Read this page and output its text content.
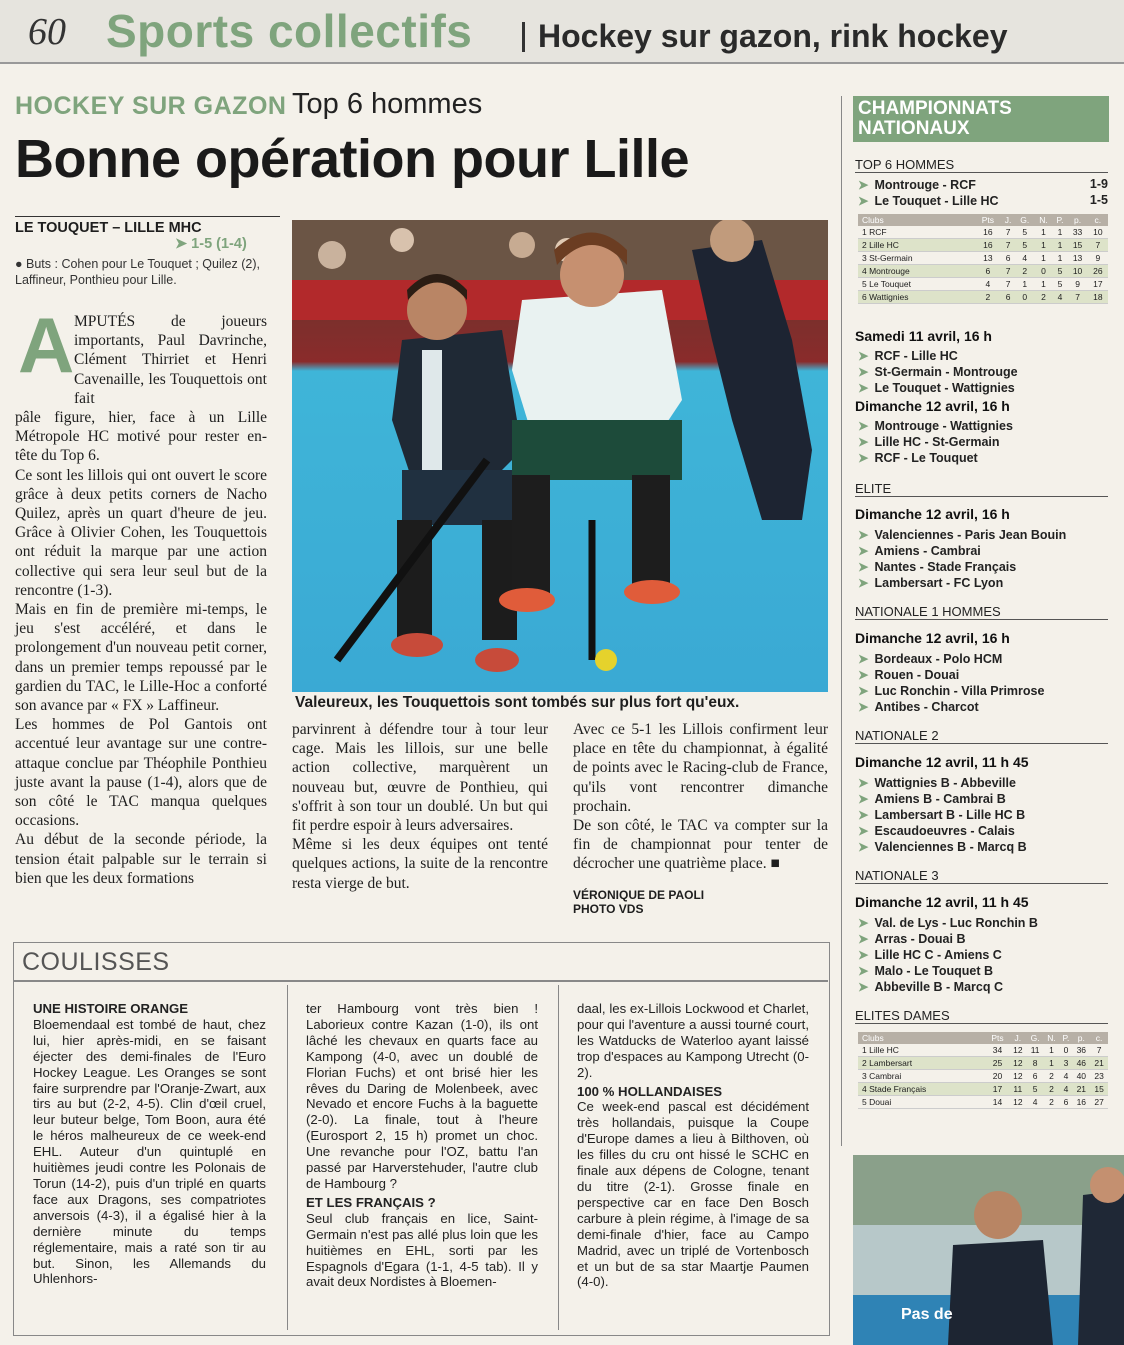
60 Sports collectifs Hockey sur gazon, rink hockey
HOCKEY SUR GAZON Top 6 hommes
Bonne opération pour Lille
LE TOUQUET – LILLE MHC
➤ 1-5 (1-4)
● Buts : Cohen pour Le Touquet ; Quilez (2), Laffineur, Ponthieu pour Lille.
A MPUTÉS de joueurs importants, Paul Davrinche, Clément Thirriet et Henri Cavenaille, les Touquettois ont fait

pâle figure, hier, face à un Lille Métropole HC motivé pour rester en-tête du Top 6.

Ce sont les lillois qui ont ouvert le score grâce à deux petits corners de Nacho Quilez, après un quart d'heure de jeu. Grâce à Olivier Cohen, les Touquettois ont réduit la marque par une action collective qui sera leur seul but de la rencontre (1-3).

Mais en fin de première mi-temps, le jeu s'est accéléré, et dans le prolongement d'un nouveau petit corner, dans un premier temps repoussé par le gardien du TAC, le Lille-Hoc a conforté son avance par « FX » Laffineur.

Les hommes de Pol Gantois ont accentué leur avantage sur une contre-attaque conclue par Théophile Ponthieu juste avant la pause (1-4), alors que de son côté le TAC manqua quelques occasions.

Au début de la seconde période, la tension était palpable sur le terrain si bien que les deux formations

Valeureux, les Touquettois sont tombés sur plus fort qu'eux.

parvinrent à défendre tour à tour leur cage. Mais les lillois, sur une belle action collective, marquèrent un nouveau but, œuvre de Ponthieu, qui s'offrit à son tour un doublé. Un but qui fit perdre espoir à leurs adversaires.

Même si les deux équipes ont tenté quelques actions, la suite de la rencontre resta vierge de but.

Avec ce 5-1 les Lillois confirment leur place en tête du championnat, à égalité de points avec le Racing-club de France, qu'ils vont rencontrer dimanche prochain.

De son côté, le TAC va compter sur la fin de championnat pour tenter de décrocher une quatrième place. ■

VÉRONIQUE DE PAOLI
PHOTO VDS
CHAMPIONNATS
NATIONAUX
TOP 6 HOMMES
➤ Montrouge - RCF	1-9
➤ Le Touquet - Lille HC	1-5
Clubs	Pts	J.	G.	N.	P.	p.	c.
1 RCF	16	7	5	1	1	33	10
2 Lille HC	16	7	5	1	1	15	7
3 St-Germain	13	6	4	1	1	13	9
4 Montrouge	6	7	2	0	5	10	26
5 Le Touquet	4	7	1	1	5	9	17
6 Wattignies	2	6	0	2	4	7	18
Samedi 11 avril, 16 h
➤ RCF - Lille HC
➤ St-Germain - Montrouge
➤ Le Touquet - Wattignies
Dimanche 12 avril, 16 h
➤ Montrouge - Wattignies
➤ Lille HC - St-Germain
➤ RCF - Le Touquet
ELITE
Dimanche 12 avril, 16 h
➤ Valenciennes - Paris Jean Bouin
➤ Amiens - Cambrai
➤ Nantes - Stade Français
➤ Lambersart - FC Lyon
NATIONALE 1 HOMMES
Dimanche 12 avril, 16 h
➤ Bordeaux - Polo HCM
➤ Rouen - Douai
➤ Luc Ronchin - Villa Primrose
➤ Antibes - Charcot
NATIONALE 2
Dimanche 12 avril, 11 h 45
➤ Wattignies B - Abbeville
➤ Amiens B - Cambrai B
➤ Lambersart B - Lille HC B
➤ Escaudoeuvres - Calais
➤ Valenciennes B - Marcq B
NATIONALE 3
Dimanche 12 avril, 11 h 45
➤ Val. de Lys - Luc Ronchin B
➤ Arras - Douai B
➤ Lille HC C - Amiens C
➤ Malo - Le Touquet B
➤ Abbeville B - Marcq C
ELITES DAMES
Clubs	Pts	J.	G.	N.	P.	p.	c.
1 Lille HC	34	12	11	1	0	36	7
2 Lambersart	25	12	8	1	3	46	21
3 Cambrai	20	12	6	2	4	40	23
4 Stade Français	17	11	5	2	4	21	15
5 Douai	14	12	4	2	6	16	27
Pas de
COULISSES
UNE HISTOIRE ORANGE
Bloemendaal est tombé de haut, chez lui, hier après-midi, en se faisant éjecter des demi-finales de l'Euro Hockey League. Les Oranges se sont faire surprendre par l'Oranje-Zwart, aux tirs au but (2-2, 4-5). Clin d'œil cruel, leur buteur belge, Tom Boon, aura été le héros malheureux de ce week-end EHL. Auteur d'un quintuplé en huitièmes jeudi contre les Polonais de Torun (14-2), puis d'un triplé en quarts face aux Dragons, ses compatriotes anversois (4-3), il a égalisé hier à la dernière minute du temps réglementaire, mais a raté son tir au but. Sinon, les Allemands du Uhlenhors-
ter Hambourg vont très bien ! Laborieux contre Kazan (1-0), ils ont lâché les chevaux en quarts face au Kampong (4-0, avec un doublé de Florian Fuchs) et ont brisé hier les rêves du Daring de Molenbeek, avec Nevado et encore Fuchs à la baguette (2-0). La finale, tout à l'heure (Eurosport 2, 15 h) promet un choc. Une revanche pour l'OZ, battu l'an passé par Harverstehuder, l'autre club de Hambourg ?
ET LES FRANÇAIS ?
Seul club français en lice, Saint-Germain n'est pas allé plus loin que les huitièmes en EHL, sorti par les Espagnols d'Egara (1-1, 4-5 tab). Il y avait deux Nordistes à Bloemen-
daal, les ex-Lillois Lockwood et Charlet, pour qui l'aventure a aussi tourné court, les Watducks de Waterloo ayant laissé trop d'espaces au Kampong Utrecht (0-2).
100 % HOLLANDAISES
Ce week-end pascal est décidément très hollandais, puisque la Coupe d'Europe dames a lieu à Bilthoven, où les filles du cru ont hissé le SCHC en finale aux dépens de Cologne, tenant du titre (2-1). Grosse finale en perspective car en face Den Bosch carbure à plein régime, à l'image de sa demi-finale d'hier, face au Campo Madrid, avec un triplé de Vortenbosch et un but de sa star Maartje Paumen (4-0).
